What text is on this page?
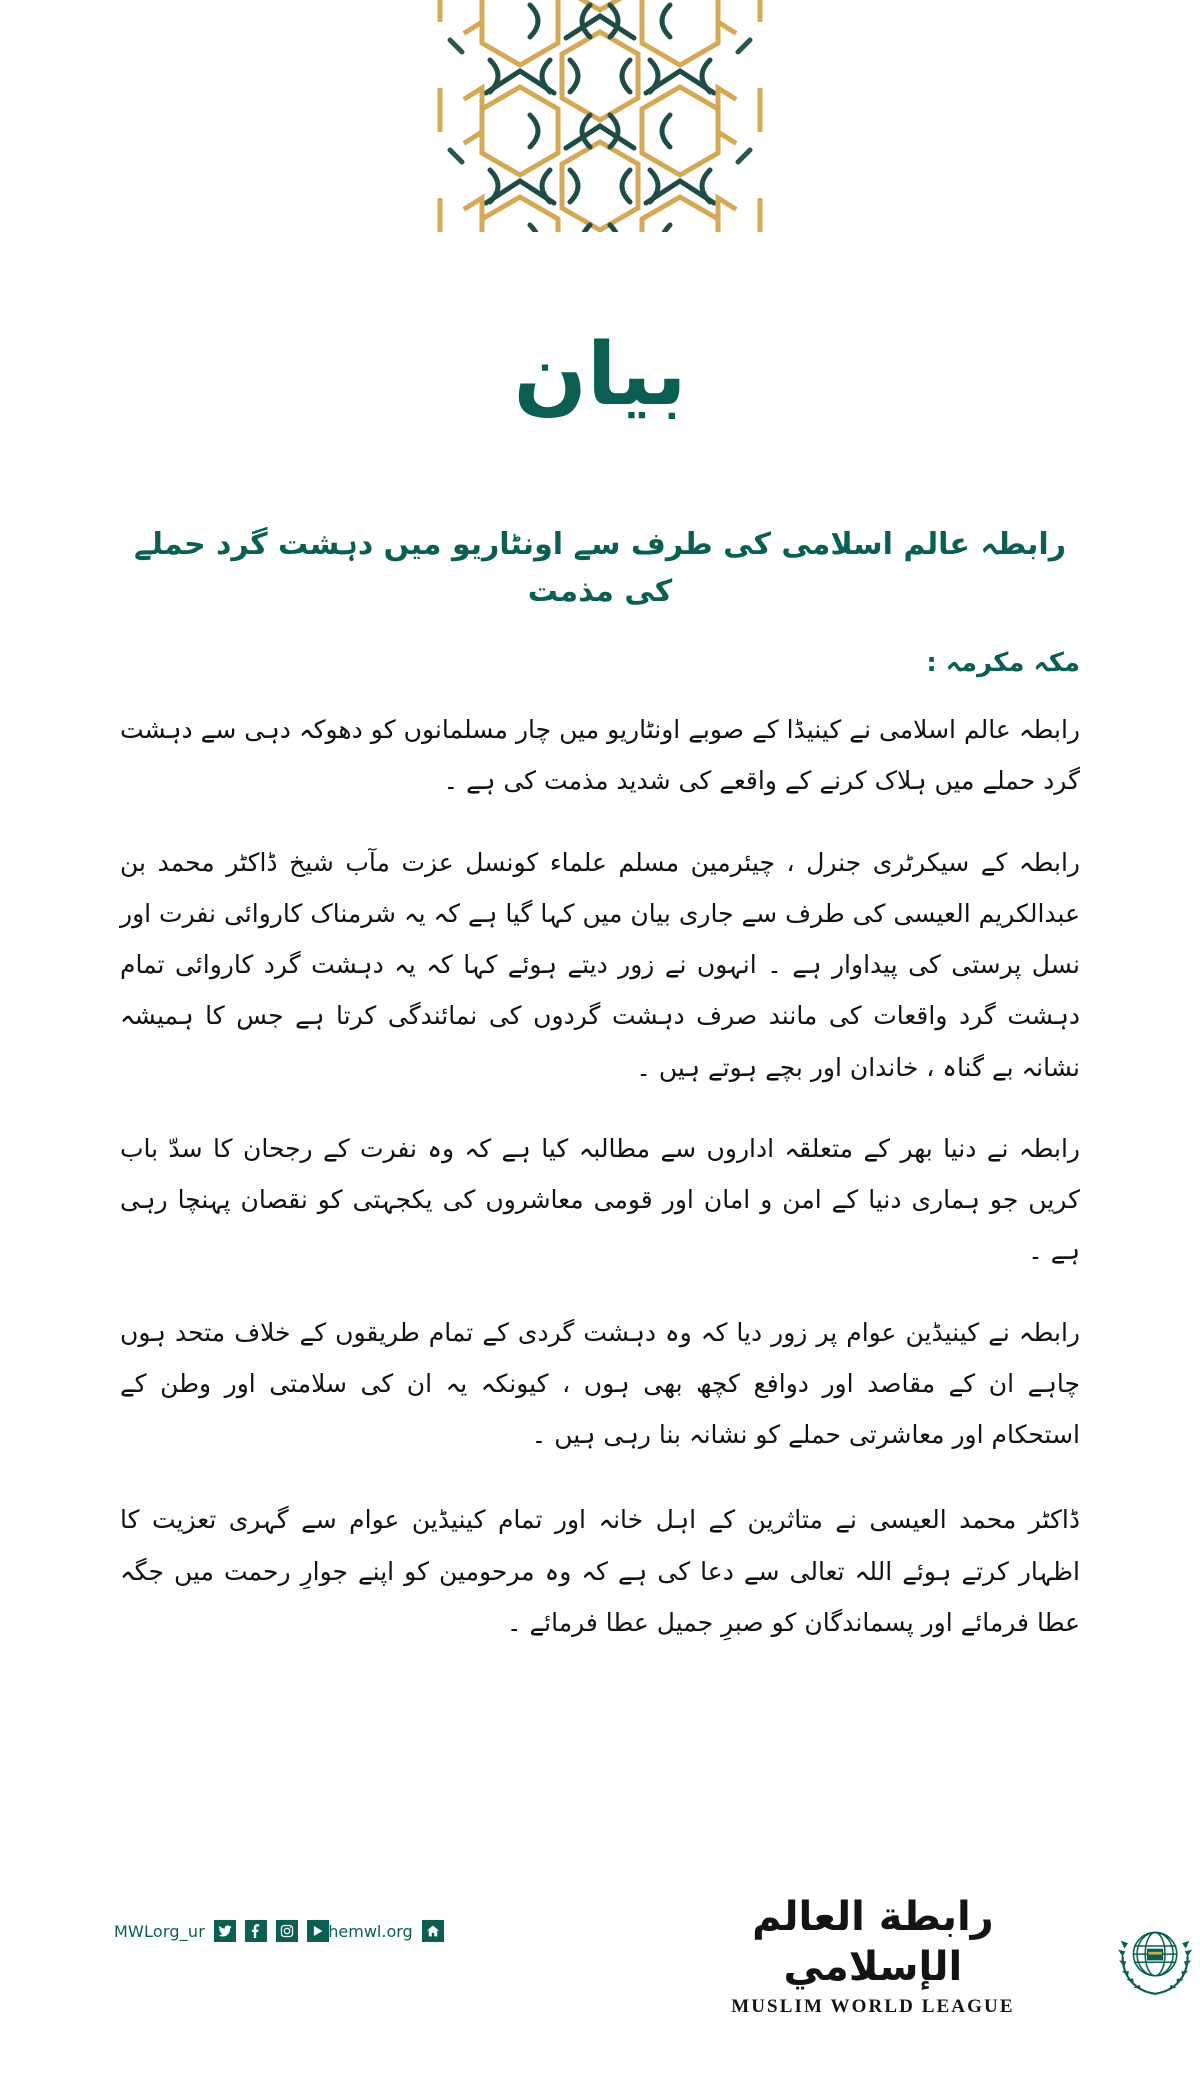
بیان
رابطہ عالم اسلامی کی طرف سے اونٹاریو میں دہشت گرد حملے کی مذمت
مکہ مکرمہ :

رابطہ عالم اسلامی نے کینیڈا کے صوبے اونٹاریو میں چار مسلمانوں کو دھوکہ دہی سے دہشت گرد حملے میں ہلاک کرنے کے واقعے کی شدید مذمت کی ہے ۔

رابطہ کے سیکرٹری جنرل ، چیئرمین مسلم علماء کونسل عزت مآب شیخ ڈاکٹر محمد بن عبدالکریم العیسی کی طرف سے جاری بیان میں کہا گیا ہے کہ یہ شرمناک کاروائی نفرت اور نسل پرستی کی پیداوار ہے ۔ انہوں نے زور دیتے ہوئے کہا کہ یہ دہشت گرد کاروائی تمام دہشت گرد واقعات کی مانند صرف دہشت گردوں کی نمائندگی کرتا ہے جس کا ہمیشہ نشانہ بے گناہ ، خاندان اور بچے ہوتے ہیں ۔

رابطہ نے دنیا بھر کے متعلقہ اداروں سے مطالبہ کیا ہے کہ وہ نفرت کے رجحان کا سدّ باب کریں جو ہماری دنیا کے امن و امان اور قومی معاشروں کی یکجہتی کو نقصان پہنچا رہی ہے ۔

رابطہ نے کینیڈین عوام پر زور دیا کہ وہ دہشت گردی کے تمام طریقوں کے خلاف متحد ہوں چاہے ان کے مقاصد اور دوافع کچھ بھی ہوں ، کیونکہ یہ ان کی سلامتی اور وطن کے استحکام اور معاشرتی حملے کو نشانہ بنا رہی ہیں ۔

ڈاکٹر محمد العیسی نے متاثرین کے اہل خانہ اور تمام کینیڈین عوام سے گہری تعزیت کا اظہار کرتے ہوئے اللہ تعالی سے دعا کی ہے کہ وہ مرحومین کو اپنے جوارِ رحمت میں جگہ عطا فرمائے اور پسماندگان کو صبرِ جمیل عطا فرمائے ۔

MWLorg_ur	themwl.org	رابطة العالم الإسلامي
MUSLIM WORLD LEAGUE
